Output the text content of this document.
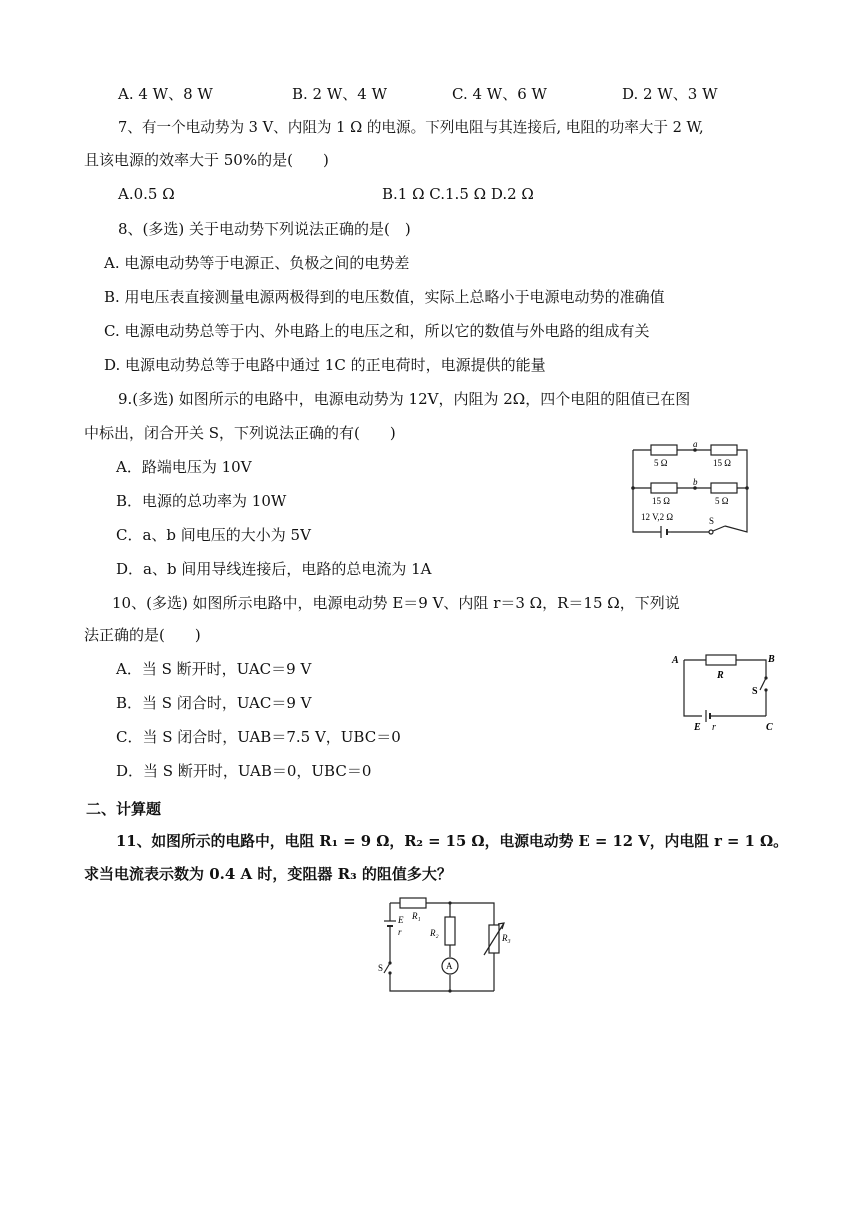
A. 4 W、8 W	B. 2 W、4 W	C. 4 W、6 W	D. 2 W、3 W
7、有一个电动势为 3 V、内阻为 1 Ω 的电源。下列电阻与其连接后, 电阻的功率大于 2 W,
且该电源的效率大于 50%的是(　　)
A.0.5 Ω	B.1 Ω C.1.5 Ω D.2 Ω
8、(多选) 关于电动势下列说法正确的是(　)
A. 电源电动势等于电源正、负极之间的电势差
B. 用电压表直接测量电源两极得到的电压数值，实际上总略小于电源电动势的准确值
C. 电源电动势总等于内、外电路上的电压之和，所以它的数值与外电路的组成有关
D. 电源电动势总等于电路中通过 1C 的正电荷时，电源提供的能量
9.(多选) 如图所示的电路中，电源电动势为 12V，内阻为 2Ω，四个电阻的阻值已在图
中标出，闭合开关 S，下列说法正确的有(　　)
A．路端电压为 10V
B．电源的总功率为 10W
C．a、b 间电压的大小为 5V
D．a、b 间用导线连接后，电路的总电流为 1A
5 Ω	15 Ω
15 Ω	5 Ω
a
b
12 V,2 Ω	S
10、(多选) 如图所示电路中，电源电动势 E＝9 V、内阻 r＝3 Ω，R＝15 Ω，下列说
法正确的是(　　)
A．当 S 断开时，UAC＝9 V
B．当 S 闭合时，UAC＝9 V
C．当 S 闭合时，UAB＝7.5 V，UBC＝0
D．当 S 断开时，UAB＝0，UBC＝0
A	B
C
R
S
E r
二、计算题
11、如图所示的电路中，电阻 R₁ = 9 Ω，R₂ = 15 Ω，电源电动势 E = 12 V，内电阻 r = 1 Ω。
求当电流表示数为 0.4 A 时，变阻器 R₃ 的阻值多大？
R₁
R₂	R₃
E
r
S	A
